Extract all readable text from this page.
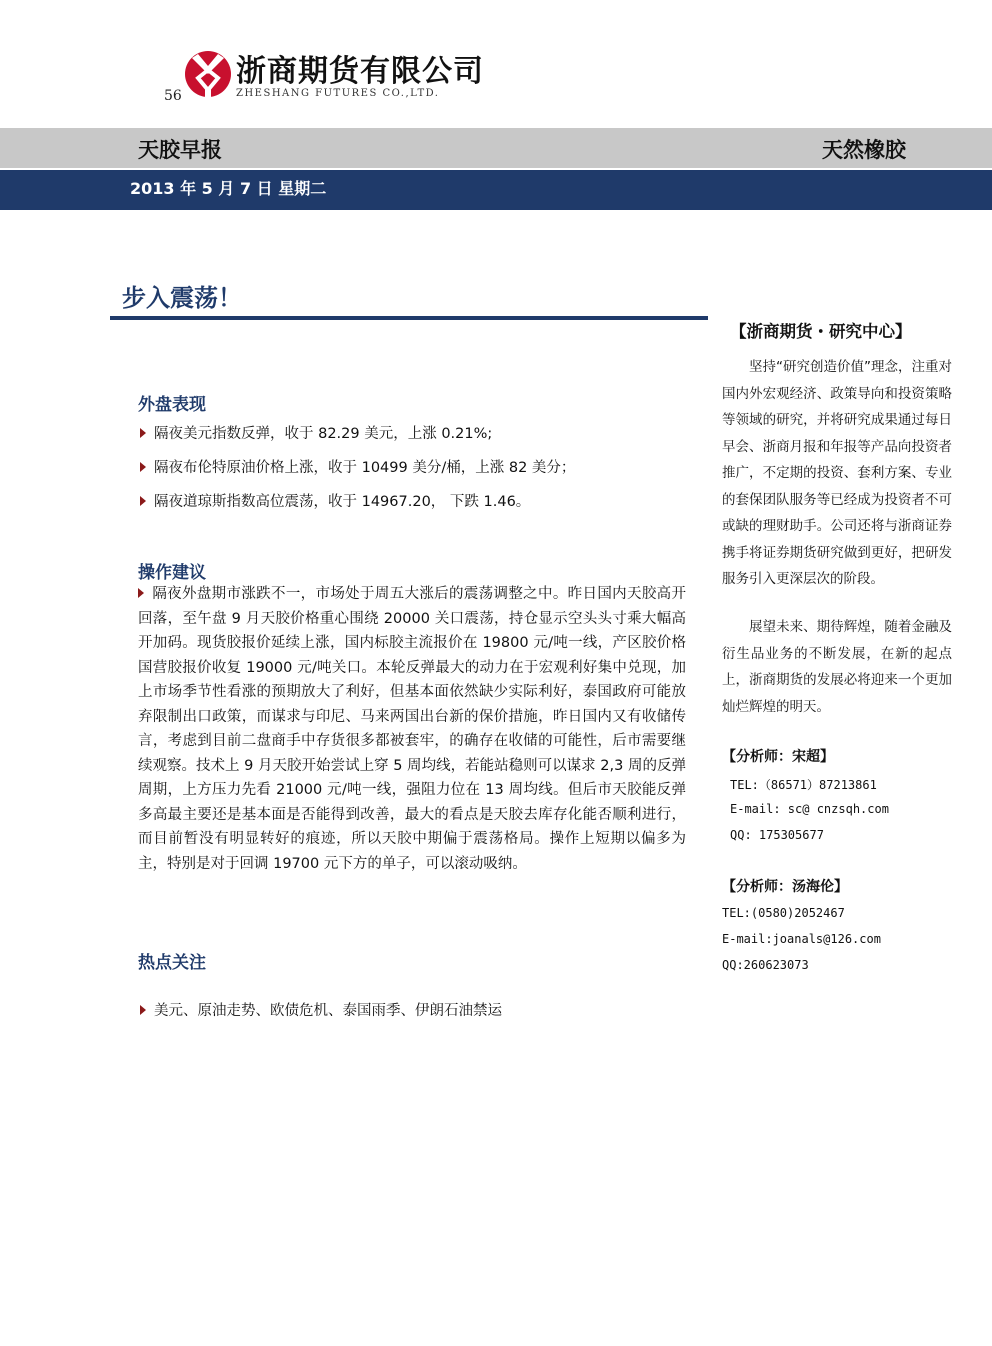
浙商期货有限公司
ZHESHANG FUTURES CO.,LTD.
56
天胶早报	天然橡胶
2013 年 5 月 7 日 星期二
步入震荡！
外盘表现
隔夜美元指数反弹，收于 82.29 美元，上涨 0.21%;
隔夜布伦特原油价格上涨，收于 10499 美分/桶，上涨 82 美分；
隔夜道琼斯指数高位震荡，收于 14967.20， 下跌 1.46。
操作建议
隔夜外盘期市涨跌不一，市场处于周五大涨后的震荡调整之中。昨日国内天胶高开回落，至午盘 9 月天胶价格重心围绕 20000 关口震荡，持仓显示空头头寸乘大幅高开加码。现货胶报价延续上涨，国内标胶主流报价在 19800 元/吨一线，产区胶价格国营胶报价收复 19000 元/吨关口。本轮反弹最大的动力在于宏观利好集中兑现，加上市场季节性看涨的预期放大了利好，但基本面依然缺少实际利好，泰国政府可能放弃限制出口政策，而谋求与印尼、马来两国出台新的保价措施，昨日国内又有收储传言，考虑到目前二盘商手中存货很多都被套牢，的确存在收储的可能性，后市需要继续观察。技术上 9 月天胶开始尝试上穿 5 周均线，若能站稳则可以谋求 2,3 周的反弹周期，上方压力先看 21000 元/吨一线，强阻力位在 13 周均线。但后市天胶能反弹多高最主要还是基本面是否能得到改善，最大的看点是天胶去库存化能否顺利进行，而目前暂没有明显转好的痕迹，所以天胶中期偏于震荡格局。操作上短期以偏多为主，特别是对于回调 19700 元下方的单子，可以滚动吸纳。
热点关注
美元、原油走势、欧债危机、泰国雨季、伊朗石油禁运
【浙商期货・研究中心】
坚持“研究创造价值”理念，注重对国内外宏观经济、政策导向和投资策略等领域的研究，并将研究成果通过每日早会、浙商月报和年报等产品向投资者推广，不定期的投资、套利方案、专业的套保团队服务等已经成为投资者不可或缺的理财助手。公司还将与浙商证券携手将证券期货研究做到更好，把研发服务引入更深层次的阶段。
展望未来、期待辉煌，随着金融及衍生品业务的不断发展，在新的起点上，浙商期货的发展必将迎来一个更加灿烂辉煌的明天。
【分析师：宋超】
TEL:（86571）87213861
E-mail: sc@ cnzsqh.com
QQ: 175305677
【分析师：汤海伦】
TEL:(0580)2052467
E-mail:joanals@126.com
QQ:260623073
